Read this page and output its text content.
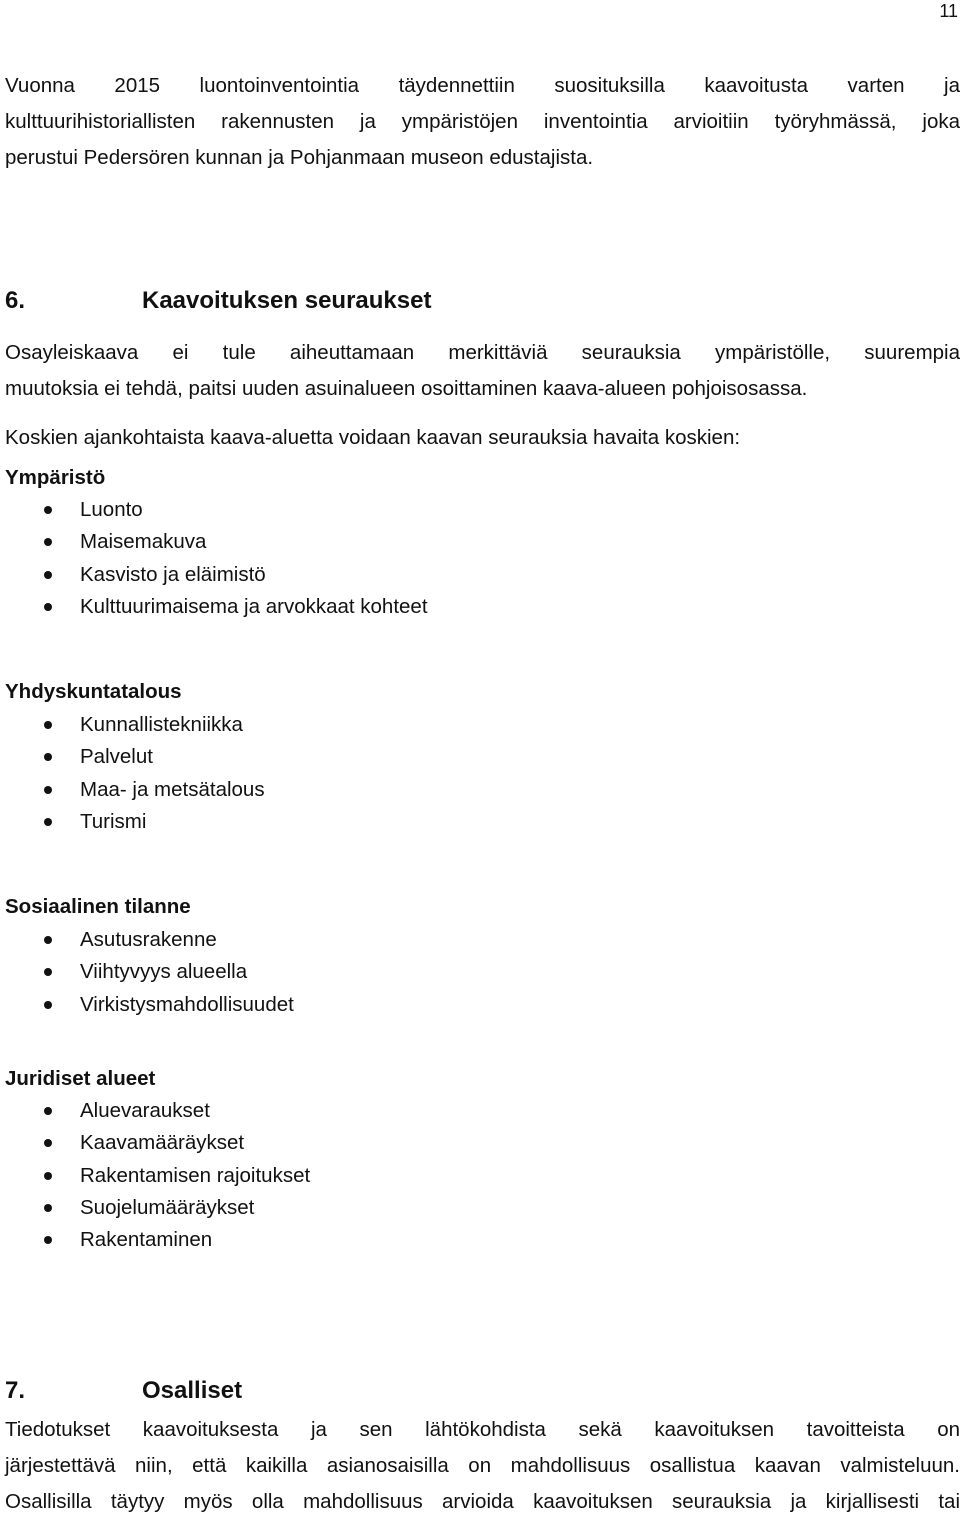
11
Vuonna 2015 luontoinventointia täydennettiin suosituksilla kaavoitusta varten ja
kulttuurihistoriallisten rakennusten ja ympäristöjen inventointia arvioitiin työryhmässä, joka
perustui Pedersören kunnan ja Pohjanmaan museon edustajista.
6.	Kaavoituksen seuraukset
Osayleiskaava ei tule aiheuttamaan merkittäviä seurauksia ympäristölle, suurempia
muutoksia ei tehdä, paitsi uuden asuinalueen osoittaminen kaava-alueen pohjoisosassa.
Koskien ajankohtaista kaava-aluetta voidaan kaavan seurauksia havaita koskien:
Ympäristö
Luonto
Maisemakuva
Kasvisto ja eläimistö
Kulttuurimaisema ja arvokkaat kohteet
Yhdyskuntatalous
Kunnallistekniikka
Palvelut
Maa- ja metsätalous
Turismi
Sosiaalinen tilanne
Asutusrakenne
Viihtyvyys alueella
Virkistysmahdollisuudet
Juridiset alueet
Aluevaraukset
Kaavamääräykset
Rakentamisen rajoitukset
Suojelumääräykset
Rakentaminen
7.	Osalliset
Tiedotukset kaavoituksesta ja sen lähtökohdista sekä kaavoituksen tavoitteista on
järjestettävä niin, että kaikilla asianosaisilla on mahdollisuus osallistua kaavan valmisteluun.
Osallisilla täytyy myös olla mahdollisuus arvioida kaavoituksen seurauksia ja kirjallisesti tai
